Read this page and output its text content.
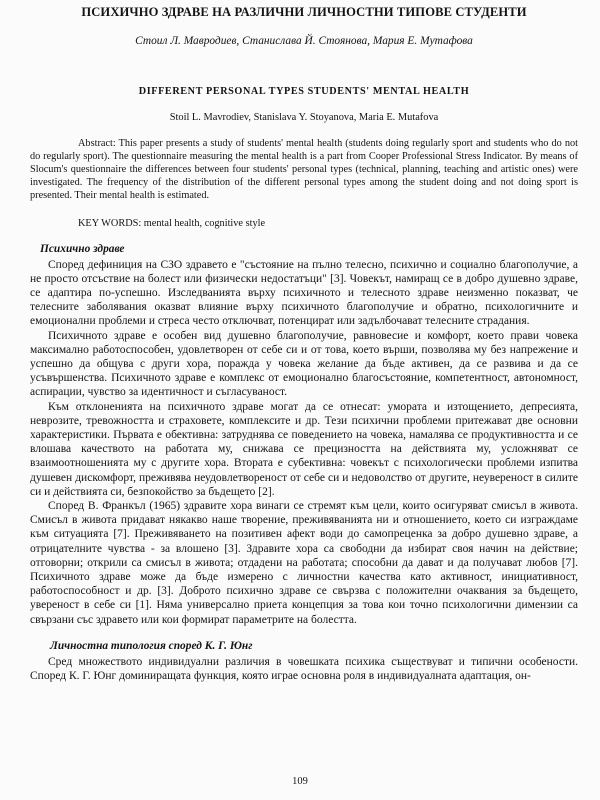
ПСИХИЧНО ЗДРАВЕ НА РАЗЛИЧНИ ЛИЧНОСТНИ ТИПОВЕ СТУДЕНТИ

Стоил Л. Мавродиев, Станислава Й. Стоянова, Мария Е. Мутафова

DIFFERENT PERSONAL TYPES STUDENTS' MENTAL HEALTH

Stoil L. Mavrodiev, Stanislava Y. Stoyanova, Maria E. Mutafova

Abstract: This paper presents a study of students' mental health (students doing regularly sport and students who do not do regularly sport). The questionnaire measuring the mental health is a part from Cooper Professional Stress Indicator. By means of Slocum's questionnaire the differences between four students' personal types (technical, planning, teaching and artistic ones) were investigated. The frequency of the distribution of the different personal types among the student doing and not doing sport is presented. Their mental health is estimated.

KEY WORDS: mental health, cognitive style

Психично здраве

Според дефиниция на СЗО здравето е "състояние на пълно телесно, психично и социално благополучие, а не просто отсъствие на болест или физически недостатъци" [3]. Човекът, намиращ се в добро душевно здраве, се адаптира по-успешно. Изследванията върху психичното и телесното здраве неизменно показват, че телесните заболявания оказват влияние върху психичното благополучие и обратно, психологичните и емоционални проблеми и стреса често отключват, потенцират или задълбочават телесните страдания.

Психичното здраве е особен вид душевно благополучие, равновесие и комфорт, което прави човека максимално работоспособен, удовлетворен от себе си и от това, което върши, позволява му без напрежение и успешно да общува с други хора, поражда у човека желание да бъде активен, да се развива и да се усъвършенства. Психичното здраве е комплекс от емоционално благосъстояние, компетентност, автономност, аспирации, чувство за идентичност и съгласуваност.

Към отклоненията на психичното здраве могат да се отнесат: умората и изтощението, депресията, неврозите, тревожността и страховете, комплексите и др. Тези психични проблеми притежават две основни характеристики. Първата е обективна: затруднява се поведението на човека, намалява се продуктивността и се влошава качеството на работата му, снижава се прецизността на действията му, усложняват се взаимоотношенията му с другите хора. Втората е субективна: човекът с психологически проблеми изпитва душевен дискомфорт, преживява неудовлетвореност от себе си и недоволство от другите, неувереност в силите си и действията си, безпокойство за бъдещето [2].

Според В. Франкъл (1965) здравите хора винаги се стремят към цели, които осигуряват смисъл в живота. Смисъл в живота придават някакво наше творение, преживяванията ни и отношението, което си изграждаме към ситуацията [7]. Преживяването на позитивен афект води до самопреценка за добро душевно здраве, а отрицателните чувства - за влошено [3]. Здравите хора са свободни да избират своя начин на действие; отговорни; открили са смисъл в живота; отдадени на работата; способни да дават и да получават любов [7]. Психичното здраве може да бъде измерено с личностни качества като активност, инициативност, работоспособност и др. [3]. Доброто психично здраве се свързва с положителни очаквания за бъдещето, увереност в себе си [1]. Няма универсално приета концепция за това кои точно психологични димензии са свързани със здравето или кои формират параметрите на болестта.

Личностна типология според К. Г. Юнг

Сред множеството индивидуални различия в човешката психика съществуват и типични особености. Според К. Г. Юнг доминиращата функция, която играе основна роля в индивидуалната адаптация, он-

109
